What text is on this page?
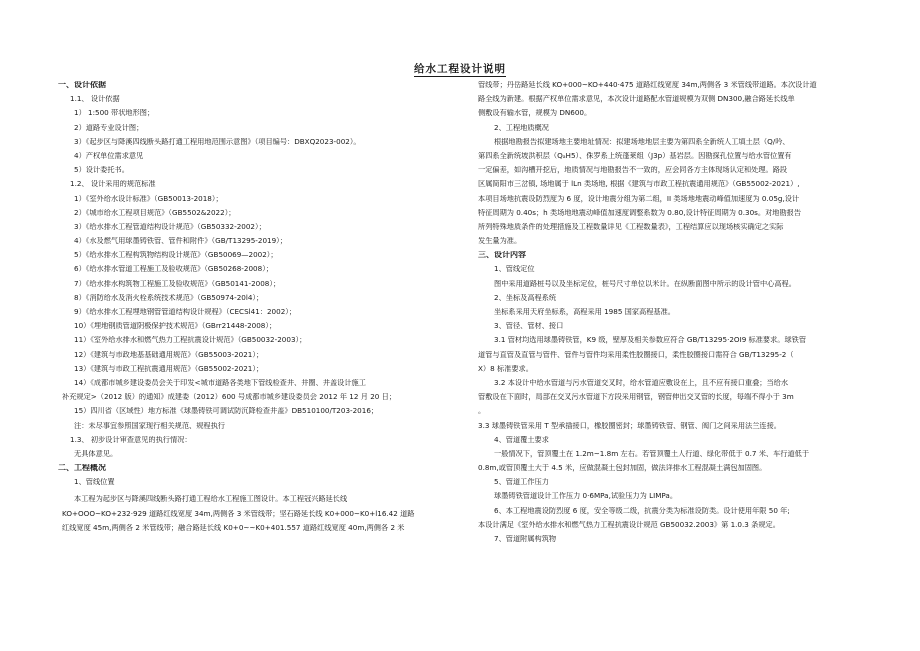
给水工程设计说明
一、设计依据
1.1、 设计依据
1） 1:500 带状地形图；
2）道路专业设计图；
3）《起步区与降溪四线断头路打通工程用地范围示意图》（项目编号：DBXQ2023-002）。
4）产权单位需求意见
5）设计委托书。
1.2、 设计采用的规范标准
1）《室外给水设计标准》（GB50013-2018）；
2）《城市给水工程项目规范》（GB5502&2022）；
3）《给水排水工程管道结构设计规范》（GB50332-2002）；
4）《水及燃气用球墨铸铁管、管件和附件》（GB/T13295-2019）；
5）《给水排水工程构筑物结构设计规范》（GB50069—2002）；
6）《给水排水管道工程施工及验收规范》（GB50268-2008）；
7）《给水排水构筑物工程施工及验收规范》（GB50141-2008）；
8）《消防给水及消火栓系统技术规范》（GB50974-20l4）；
9）《给水排水工程埋地钢管管道结构设计规程》（CECSl41：2002）；
10）《埋地钢质管道阴极保护技术规范》（GBrr21448-2008）；
11）《室外给水排水和燃气热力工程抗震设计规范》（GB50032-2003）；
12）《建筑与市政地基基础通用规范》（GB55003-2021）；
13）《建筑与市政工程抗震通用规范》（GB55002-2021）；
14）《成都市城乡建设委员会关于印发<城市道路各类地下管线检查井、井圈、井盖设计施工
补充规定>（2012 版）的通知》成建委（2012）600 号成都市城乡建设委员会 2012 年 12 月 20 日；
15）四川省（区域性）地方标准《球墨铸铁可调试防沉降检查井盖》DB510100/T203-2016；
注：未尽事宜参照国家现行相关规范、规程执行
1.3、 初步设计审查意见的执行情况：
无具体意见。
二、工程概况
1、管线位置
本工程为起步区与降溪四线断头路打通工程给水工程施工图设计。本工程冠兴路延长线
KO+OOO~KO+232·929 道路红线宽度 34m,两侧各 3 米管线带；坚石路延长线 K0+000~K0+l16.42 道路
红线宽度 45m,两侧各 2 米管线带；融合路延长线 K0+0~~K0+401.557 道路红线宽度 40m,两侧各 2 米
管线带；丹岳路延长线 KO+000~KO+440·475 道路红线宽度 34m,两侧各 3 米管线带道路。本次设计道
路全线为新建。根据产权单位需求意见，本次设计道路配水管道规模为双侧 DN300,融合路延长线单
侧敷设有输水管，规模为 DN600。
2、工程地质概况
根据地勘报告拟建场地主要地址情况：拟建场地地层主要为第四系全新统人工填土层（Q/吟、
第四系全新统坡洪积层（QₐH5）、侏罗系上统蓬莱组（J3p）基岩层。因勘探孔位置与给水管位置有
一定偏差，如沟槽开挖后，地质情况与地勘报告不一致的，应会同各方主体现场认定和处理。路段
区属简阳市三岔镇, 场地属于 lLn 类场地, 根据《建筑与市政工程抗震通用规范》（GB55002-2021）,
本项目场地抗震设防烈度为 6 度，设计地震分组为第二组，II 类场地地震动峰值加速度为 0.05g,设计
特征周期为 0.40s；h 类场地地震动峰值加速度调整系数为 0.80,设计特征周期为 0.30s。对地勘报告
所列特殊地质条件的处理措施及工程数量详见《工程数量表》，工程结算应以现场核实确定之实际
发生量为准。
三、设计内容
1、管线定位
图中采用道路桩号以及坐标定位，桩号尺寸单位以米计。在纵断面图中所示的设计管中心高程。
2、坐标及高程系统
坐标系采用天府坐标系，高程采用 1985 国家高程基准。
3、管径、管材、接口
3.1 管材均选用球墨铸铁管，K9 级，壁厚及相关参数应符合 GB/T13295·2OI9 标准要求。球铁管
道管与直管及直管与管件、管件与管件均采用柔性胶圈接口，柔性胶圈接口需符合 GB/T13295-2（
X）8 标准要求。
3.2 本设计中给水管道与污水管道交叉时，给水管道应敷设在上，且不应有接口重叠；当给水
管敷设在下面时，局部在交叉污水管道下方段采用钢管，钢管伸出交叉管的长度，每端不得小于 3m
。
3.3 球墨铸铁管采用 T 型承插接口，橡胶圈密封；球墨铸铁管、钢管、阀门之间采用法兰连接。
4、管道覆土要求
一般情况下，管顶覆土在 1.2m~1.8m 左右。若管顶覆土人行道、绿化带低于 0.7 米、车行道低于
0.8m,或管顶覆土大于 4.5 米，应做混凝土包封加固，做法详排水工程混凝土满包加固图。
5、管道工作压力
球墨铸铁管道设计工作压力 0·6MPa,试验压力为 LIMPa。
6、本工程地震设防烈度 6 度，安全等级二级，抗震分类为标准设防类。设计使用年限 50 年;
本设计满足《室外给水排水和燃气热力工程抗震设计规范 GB50032.2003》第 1.0.3 条规定。
7、管道附属构筑物
